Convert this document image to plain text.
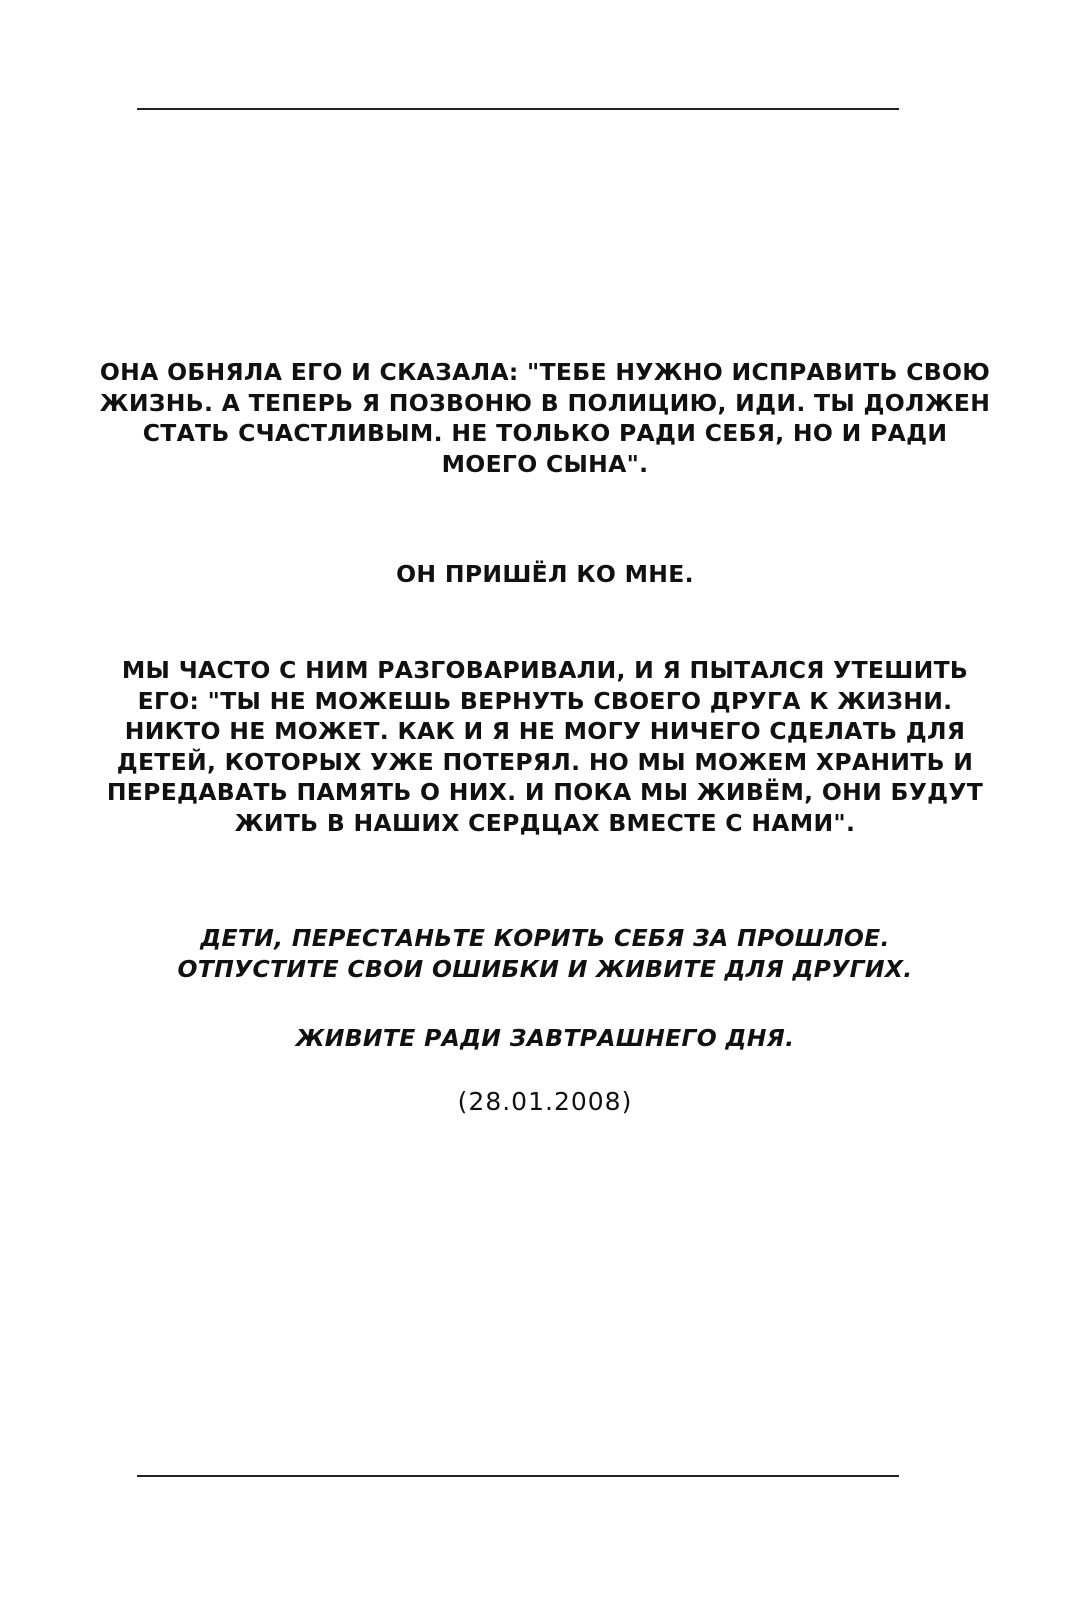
ОНА ОБНЯЛА ЕГО И СКАЗАЛА: "ТЕБЕ НУЖНО ИСПРАВИТЬ СВОЮ
ЖИЗНЬ. А ТЕПЕРЬ Я ПОЗВОНЮ В ПОЛИЦИЮ, ИДИ. ТЫ ДОЛЖЕН
СТАТЬ СЧАСТЛИВЫМ. НЕ ТОЛЬКО РАДИ СЕБЯ, НО И РАДИ
МОЕГО СЫНА".
ОН ПРИШЁЛ КО МНЕ.
МЫ ЧАСТО С НИМ РАЗГОВАРИВАЛИ, И Я ПЫТАЛСЯ УТЕШИТЬ
ЕГО: "ТЫ НЕ МОЖЕШЬ ВЕРНУТЬ СВОЕГО ДРУГА К ЖИЗНИ.
НИКТО НЕ МОЖЕТ. КАК И Я НЕ МОГУ НИЧЕГО СДЕЛАТЬ ДЛЯ
ДЕТЕЙ, КОТОРЫХ УЖЕ ПОТЕРЯЛ. НО МЫ МОЖЕМ ХРАНИТЬ И
ПЕРЕДАВАТЬ ПАМЯТЬ О НИХ. И ПОКА МЫ ЖИВЁМ, ОНИ БУДУТ
ЖИТЬ В НАШИХ СЕРДЦАХ ВМЕСТЕ С НАМИ".
ДЕТИ, ПЕРЕСТАНЬТЕ КОРИТЬ СЕБЯ ЗА ПРОШЛОЕ.
ОТПУСТИТЕ СВОИ ОШИБКИ И ЖИВИТЕ ДЛЯ ДРУГИХ.
ЖИВИТЕ РАДИ ЗАВТРАШНЕГО ДНЯ.
(28.01.2008)
